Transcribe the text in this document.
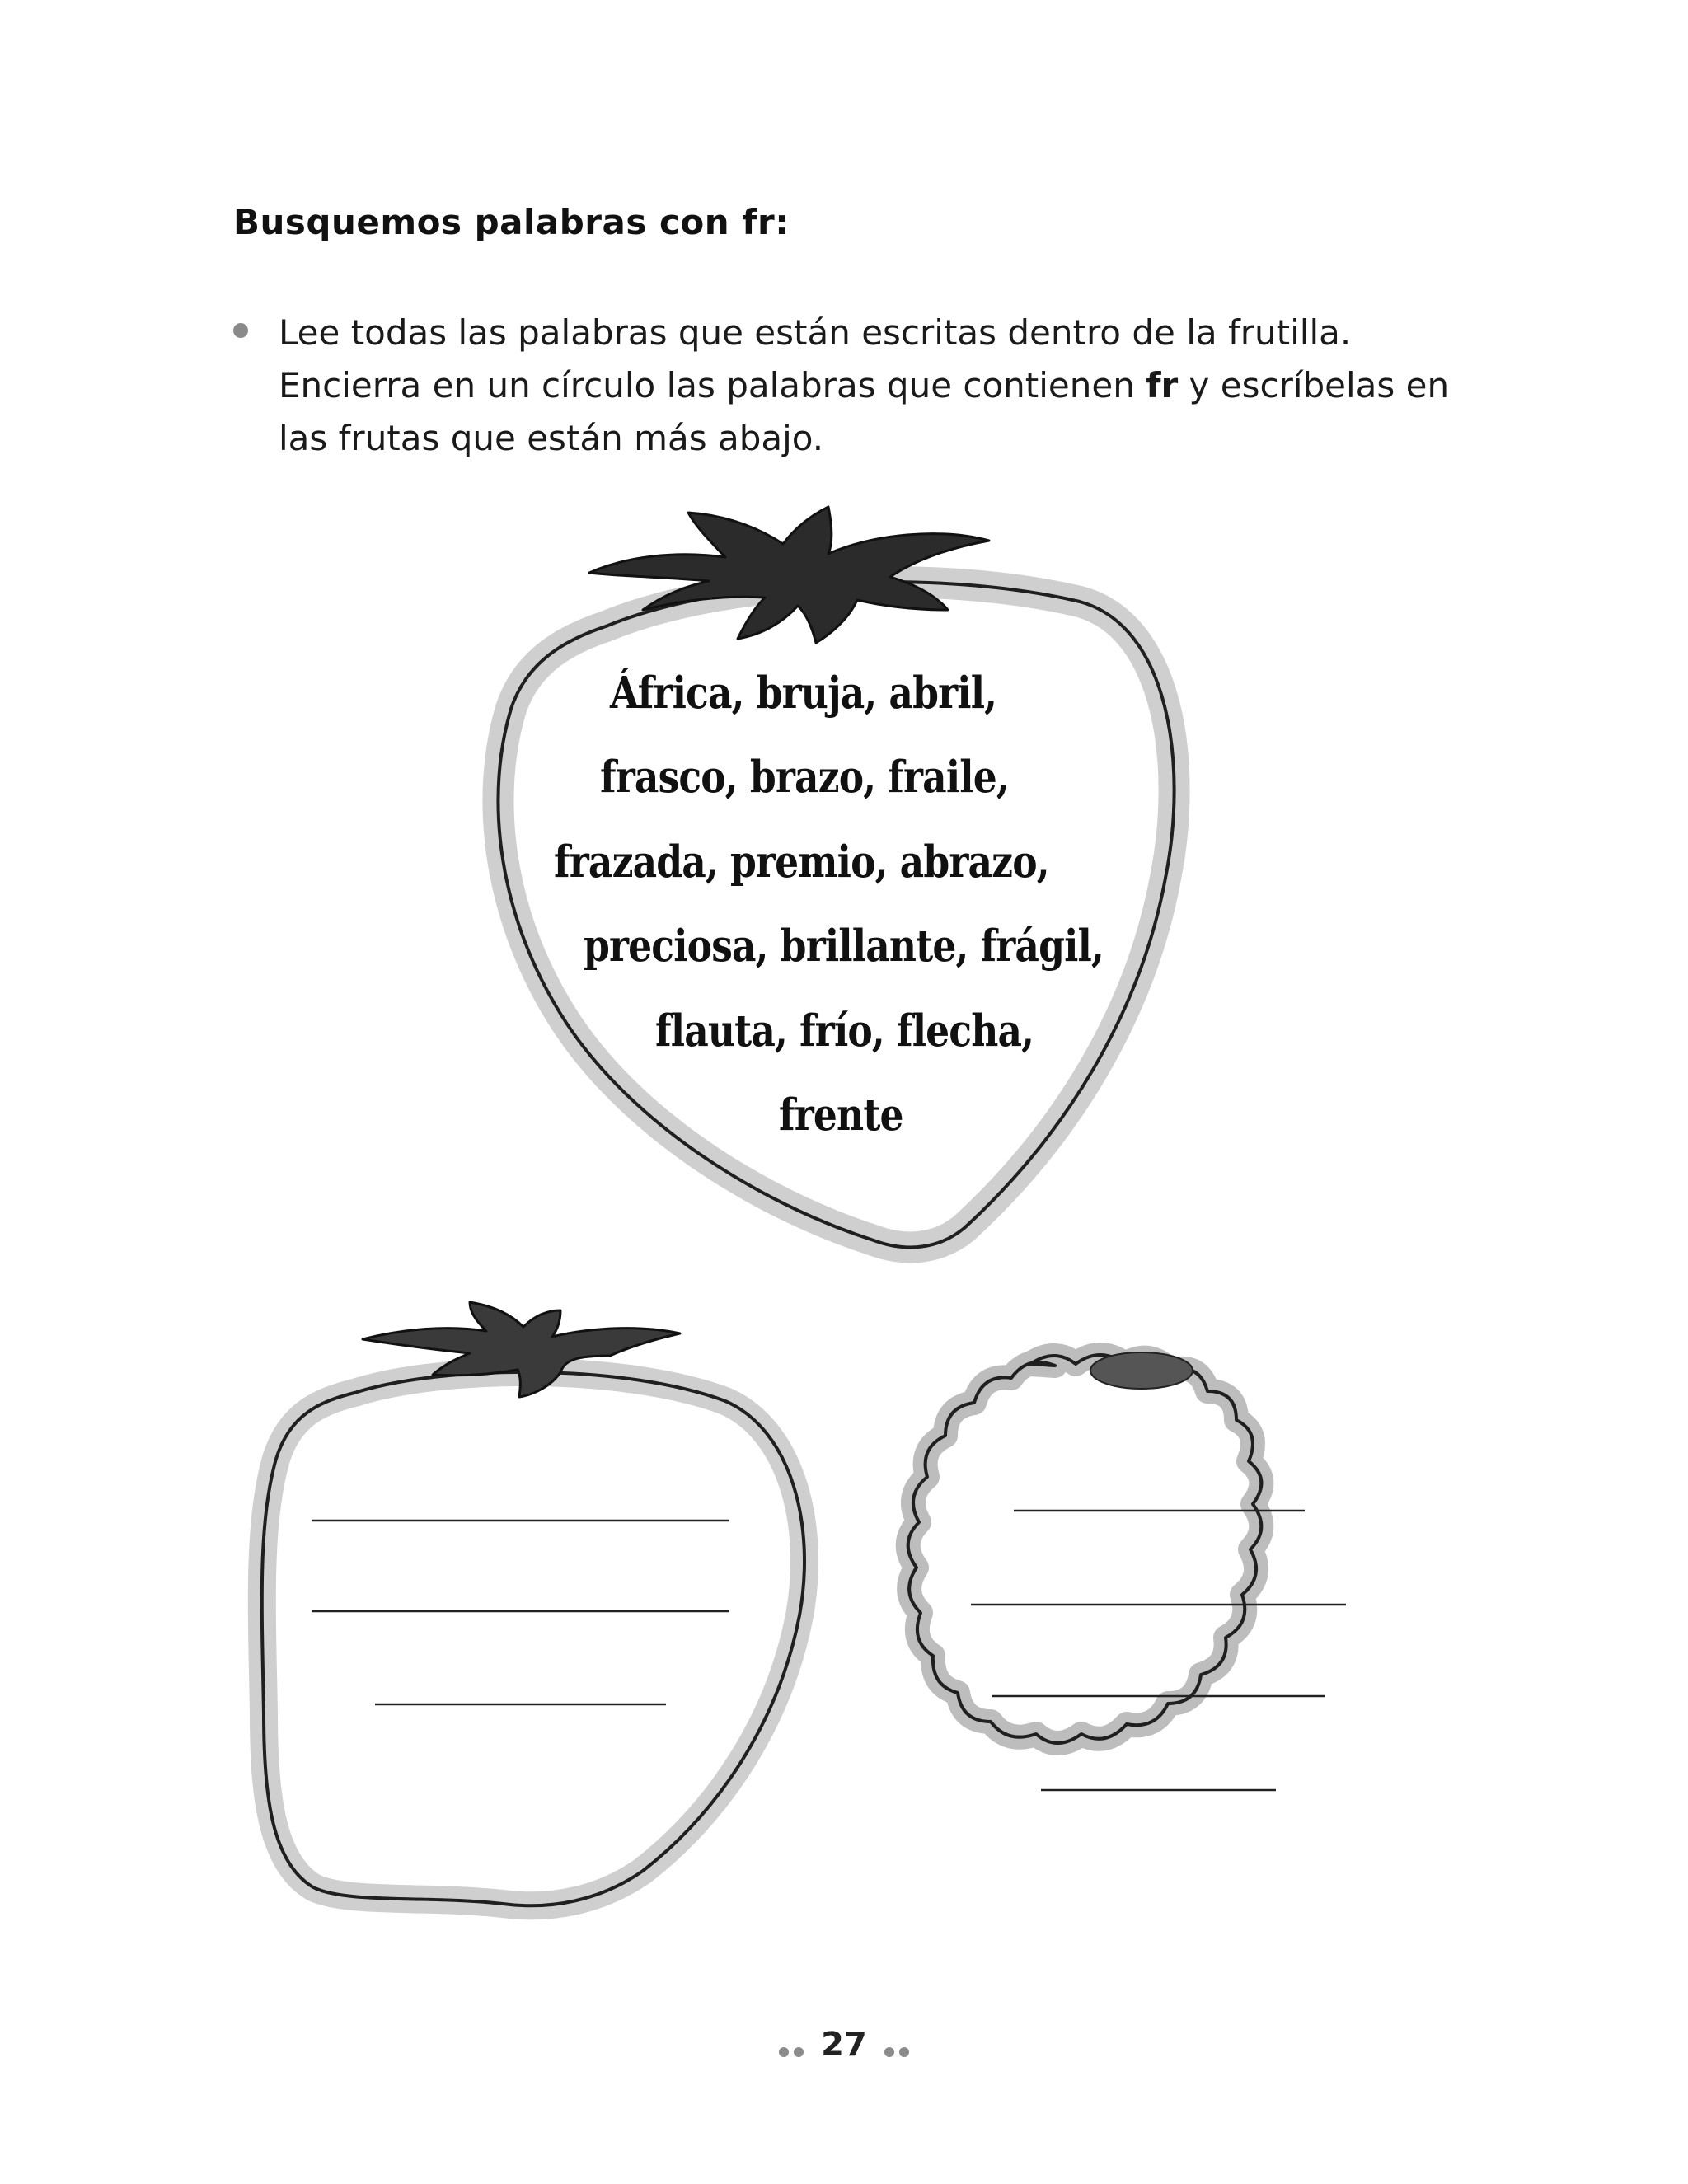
Busquemos palabras con fr:

Lee todas las palabras que están escritas dentro de la frutilla. Encierra en un círculo las palabras que contienen fr y escríbelas en las frutas que están más abajo.

África, bruja, abril,
frasco, brazo, fraile,
frazada, premio, abrazo,
preciosa, brillante, frágil,
flauta, frío, flecha,
frente
27
